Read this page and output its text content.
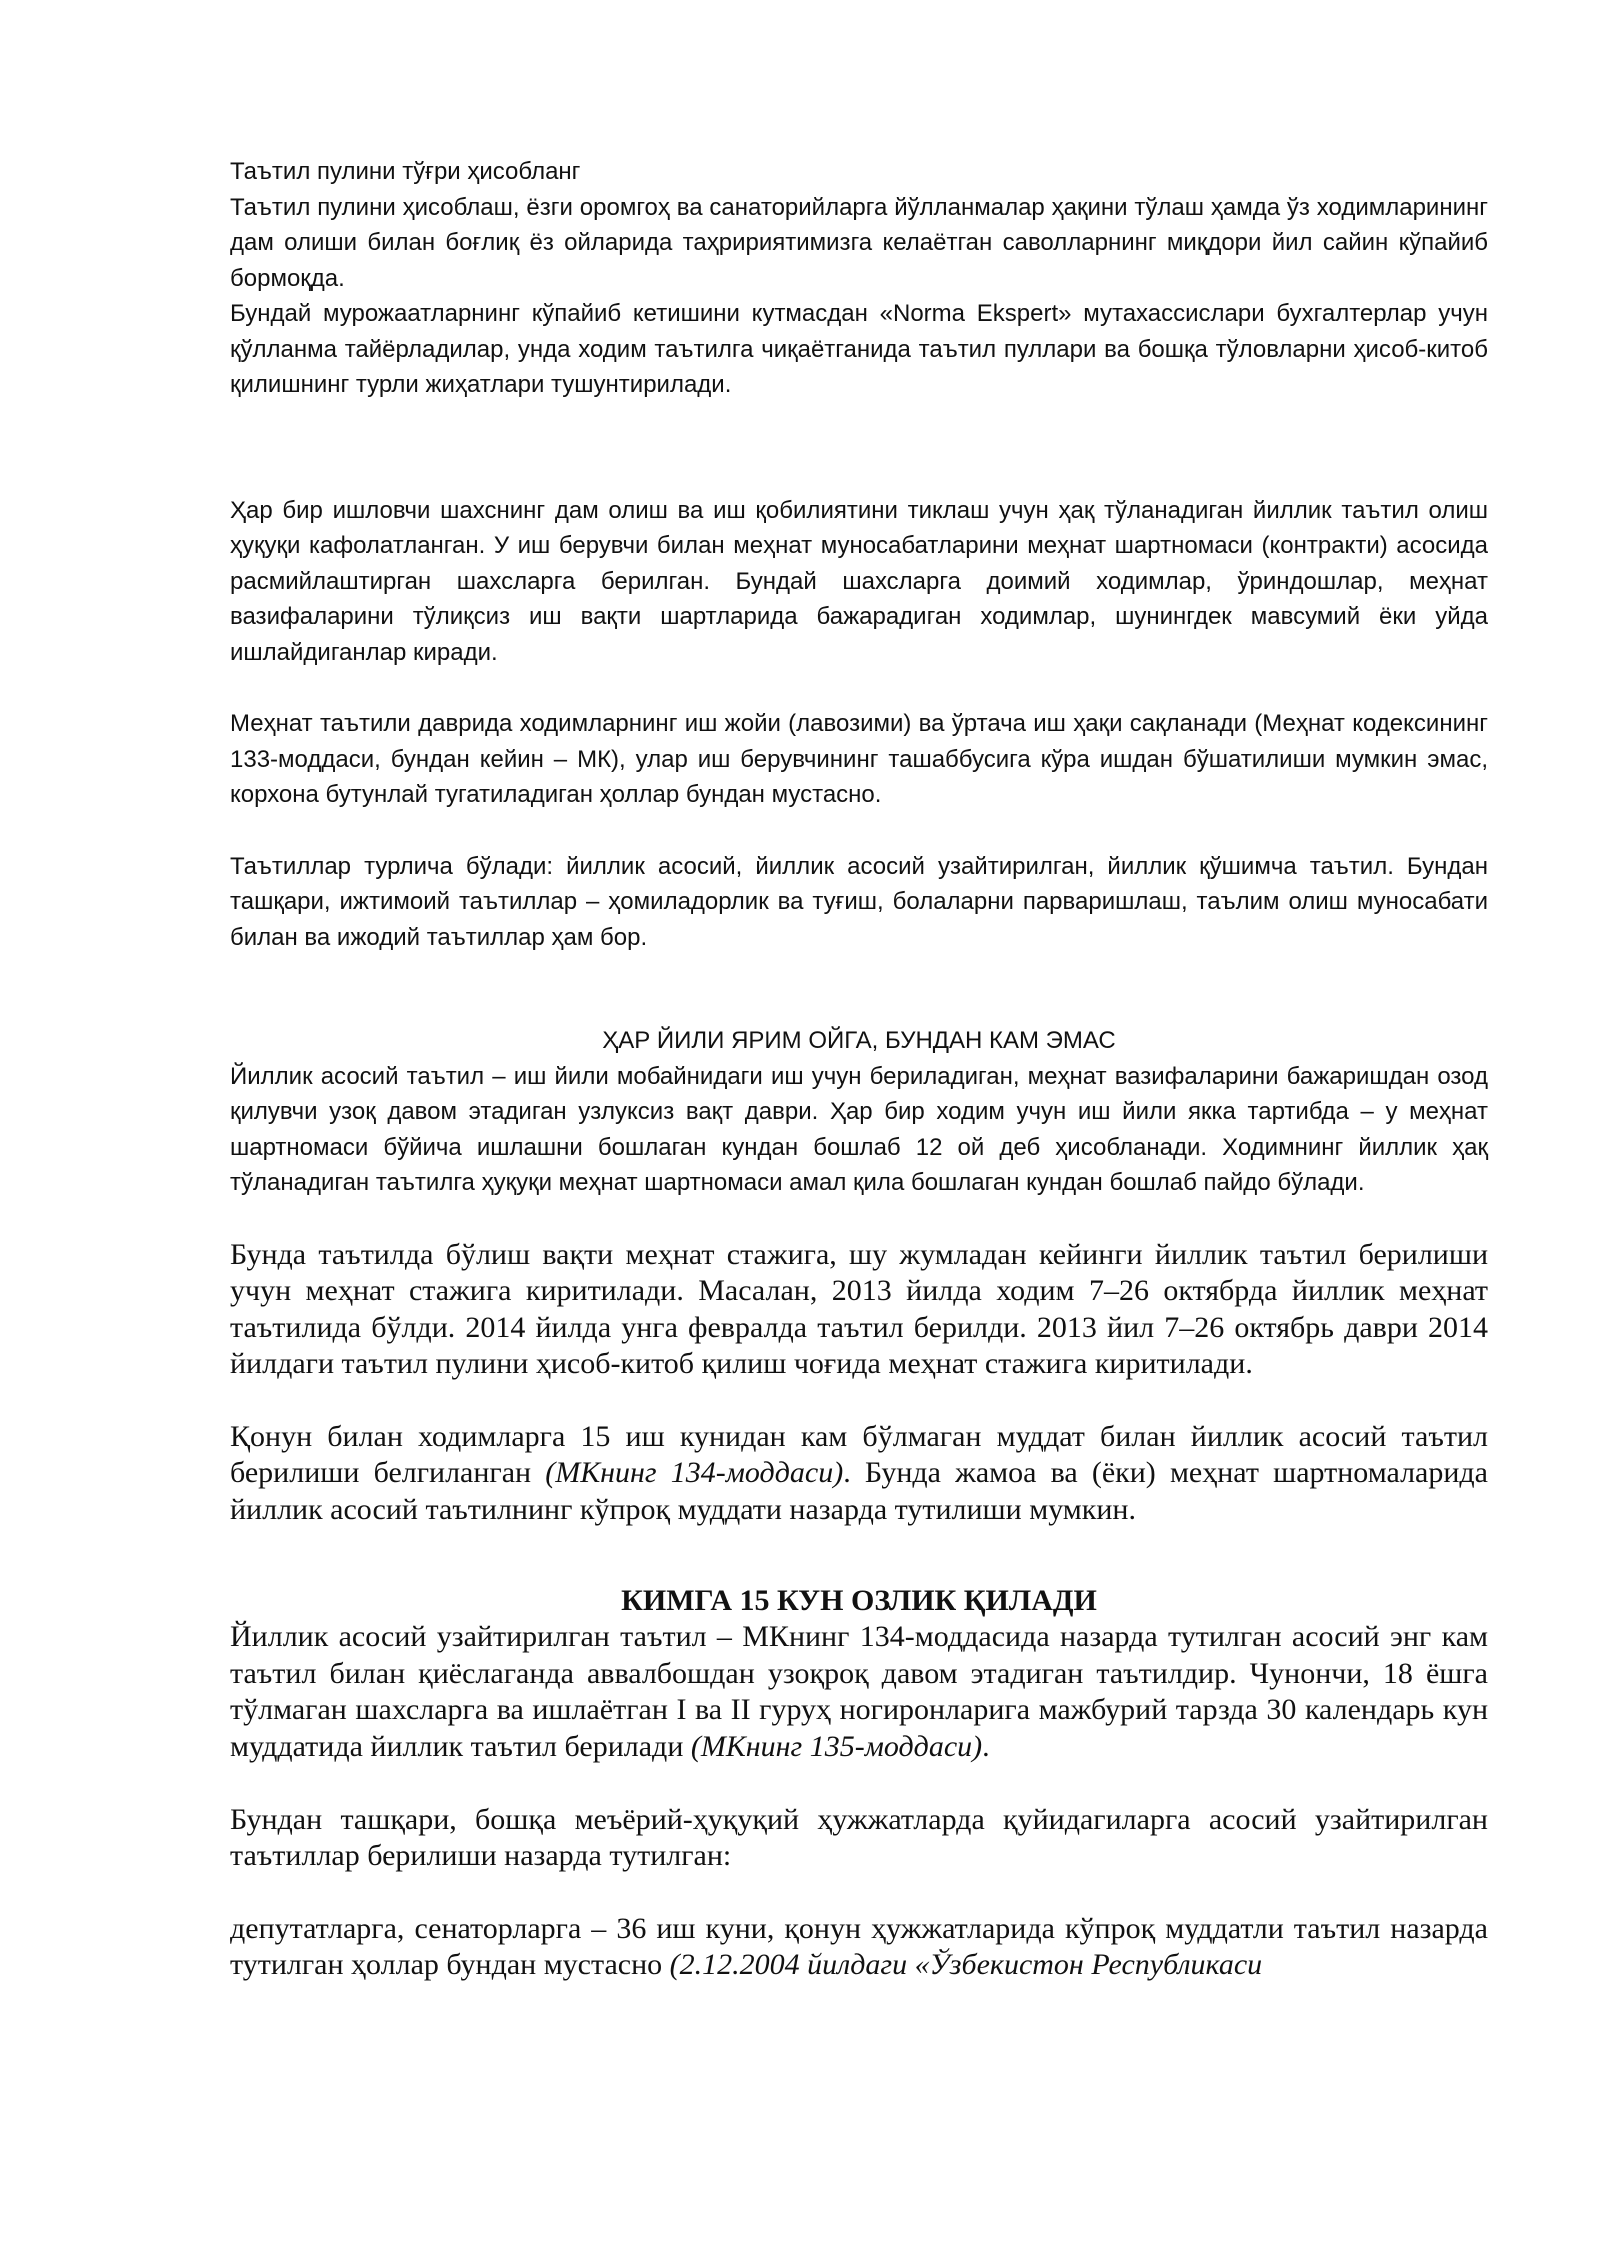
Таътил пулини тўғри ҳисобланг

Таътил пулини ҳисоблаш, ёзги оромгоҳ ва санаторийларга йўлланмалар ҳақини тўлаш ҳамда ўз ходимларининг дам олиши билан боғлиқ ёз ойларида таҳририятимизга келаётган саволларнинг миқдори йил сайин кўпайиб бормоқда.

Бундай мурожаатларнинг кўпайиб кетишини кутмасдан «Norma Ekspert» мутахассислари бухгалтерлар учун қўлланма тайёрладилар, унда ходим таътилга чиқаётганида таътил пуллари ва бошқа тўловларни ҳисоб-китоб қилишнинг турли жиҳатлари тушунтирилади.

Ҳар бир ишловчи шахснинг дам олиш ва иш қобилиятини тиклаш учун ҳақ тўланадиган йиллик таътил олиш ҳуқуқи кафолатланган. У иш берувчи билан меҳнат муносабатларини меҳнат шартномаси (контракти) асосида расмийлаштирган шахсларга берилган. Бундай шахсларга доимий ходимлар, ўриндошлар, меҳнат вазифаларини тўлиқсиз иш вақти шартларида бажарадиган ходимлар, шунингдек мавсумий ёки уйда ишлайдиганлар киради.

Меҳнат таътили даврида ходимларнинг иш жойи (лавозими) ва ўртача иш ҳақи сақланади (Меҳнат кодексининг 133-моддаси, бундан кейин – МК), улар иш берувчининг ташаббусига кўра ишдан бўшатилиши мумкин эмас, корхона бутунлай тугатиладиган ҳоллар бундан мустасно.

Таътиллар турлича бўлади: йиллик асосий, йиллик асосий узайтирилган, йиллик қўшимча таътил. Бундан ташқари, ижтимоий таътиллар – ҳомиладорлик ва туғиш, болаларни парваришлаш, таълим олиш муносабати билан ва ижодий таътиллар ҳам бор.

ҲАР ЙИЛИ ЯРИМ ОЙГА, БУНДАН КАМ ЭМАС

Йиллик асосий таътил – иш йили мобайнидаги иш учун бериладиган, меҳнат вазифаларини бажаришдан озод қилувчи узоқ давом этадиган узлуксиз вақт даври. Ҳар бир ходим учун иш йили якка тартибда – у меҳнат шартномаси бўйича ишлашни бошлаган кундан бошлаб 12 ой деб ҳисобланади. Ходимнинг йиллик ҳақ тўланадиган таътилга ҳуқуқи меҳнат шартномаси амал қила бошлаган кундан бошлаб пайдо бўлади.

Бунда таътилда бўлиш вақти меҳнат стажига, шу жумладан кейинги йиллик таътил берилиши учун меҳнат стажига киритилади. Масалан, 2013 йилда ходим 7–26 октябрда йиллик меҳнат таътилида бўлди. 2014 йилда унга февралда таътил берилди. 2013 йил 7–26 октябрь даври 2014 йилдаги таътил пулини ҳисоб-китоб қилиш чоғида меҳнат стажига киритилади.

Қонун билан ходимларга 15 иш кунидан кам бўлмаган муддат билан йиллик асосий таътил берилиши белгиланган (МКнинг 134-моддаси). Бунда жамоа ва (ёки) меҳнат шартномаларида йиллик асосий таътилнинг кўпроқ муддати назарда тутилиши мумкин.

КИМГА 15 КУН ОЗЛИК ҚИЛАДИ

Йиллик асосий узайтирилган таътил – МКнинг 134-моддасида назарда тутилган асосий энг кам таътил билан қиёслаганда аввалбошдан узоқроқ давом этадиган таътилдир. Чунончи, 18 ёшга тўлмаган шахсларга ва ишлаётган I ва II гуруҳ ногиронларига мажбурий тарзда 30 календарь кун муддатида йиллик таътил берилади (МКнинг 135-моддаси).

Бундан ташқари, бошқа меъёрий-ҳуқуқий ҳужжатларда қуйидагиларга асосий узайтирилган таътиллар берилиши назарда тутилган:

депутатларга, сенаторларга – 36 иш куни, қонун ҳужжатларида кўпроқ муддатли таътил назарда тутилган ҳоллар бундан мустасно (2.12.2004 йилдаги «Ўзбекистон Республикаси
